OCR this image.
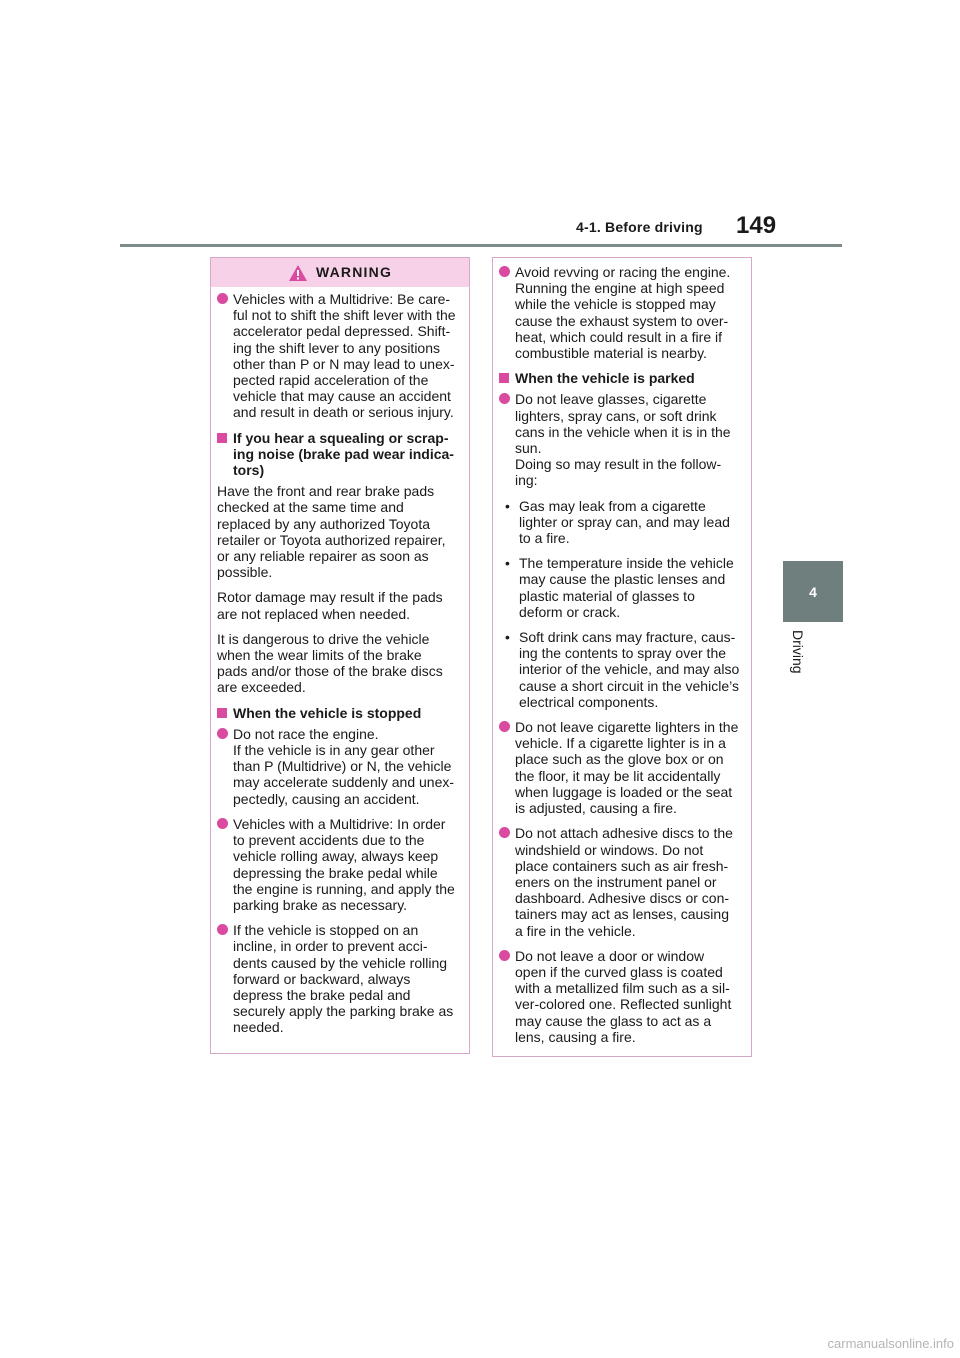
4-1. Before driving 149
4
Driving
WARNING
Vehicles with a Multidrive: Be care-
ful not to shift the shift lever with the
accelerator pedal depressed. Shift-
ing the shift lever to any positions
other than P or N may lead to unex-
pected rapid acceleration of the
vehicle that may cause an accident
and result in death or serious injury.
If you hear a squealing or scrap-
ing noise (brake pad wear indica-
tors)

Have the front and rear brake pads
checked at the same time and
replaced by any authorized Toyota
retailer or Toyota authorized repairer,
or any reliable repairer as soon as
possible.

Rotor damage may result if the pads
are not replaced when needed.

It is dangerous to drive the vehicle
when the wear limits of the brake
pads and/or those of the brake discs
are exceeded.

When the vehicle is stopped
Do not race the engine.
If the vehicle is in any gear other
than P (Multidrive) or N, the vehicle
may accelerate suddenly and unex-
pectedly, causing an accident.
Vehicles with a Multidrive: In order
to prevent accidents due to the
vehicle rolling away, always keep
depressing the brake pedal while
the engine is running, and apply the
parking brake as necessary.
If the vehicle is stopped on an
incline, in order to prevent acci-
dents caused by the vehicle rolling
forward or backward, always
depress the brake pedal and
securely apply the parking brake as
needed.
Avoid revving or racing the engine.
Running the engine at high speed
while the vehicle is stopped may
cause the exhaust system to over-
heat, which could result in a fire if
combustible material is nearby.
When the vehicle is parked
Do not leave glasses, cigarette
lighters, spray cans, or soft drink
cans in the vehicle when it is in the
sun.
Doing so may result in the follow-
ing:
• Gas may leak from a cigarette
lighter or spray can, and may lead
to a fire.
• The temperature inside the vehicle
may cause the plastic lenses and
plastic material of glasses to
deform or crack.
• Soft drink cans may fracture, caus-
ing the contents to spray over the
interior of the vehicle, and may also
cause a short circuit in the vehicle’s
electrical components.
Do not leave cigarette lighters in the
vehicle. If a cigarette lighter is in a
place such as the glove box or on
the floor, it may be lit accidentally
when luggage is loaded or the seat
is adjusted, causing a fire.
Do not attach adhesive discs to the
windshield or windows. Do not
place containers such as air fresh-
eners on the instrument panel or
dashboard. Adhesive discs or con-
tainers may act as lenses, causing
a fire in the vehicle.
Do not leave a door or window
open if the curved glass is coated
with a metallized film such as a sil-
ver-colored one. Reflected sunlight
may cause the glass to act as a
lens, causing a fire.
carmanualsonline.info
